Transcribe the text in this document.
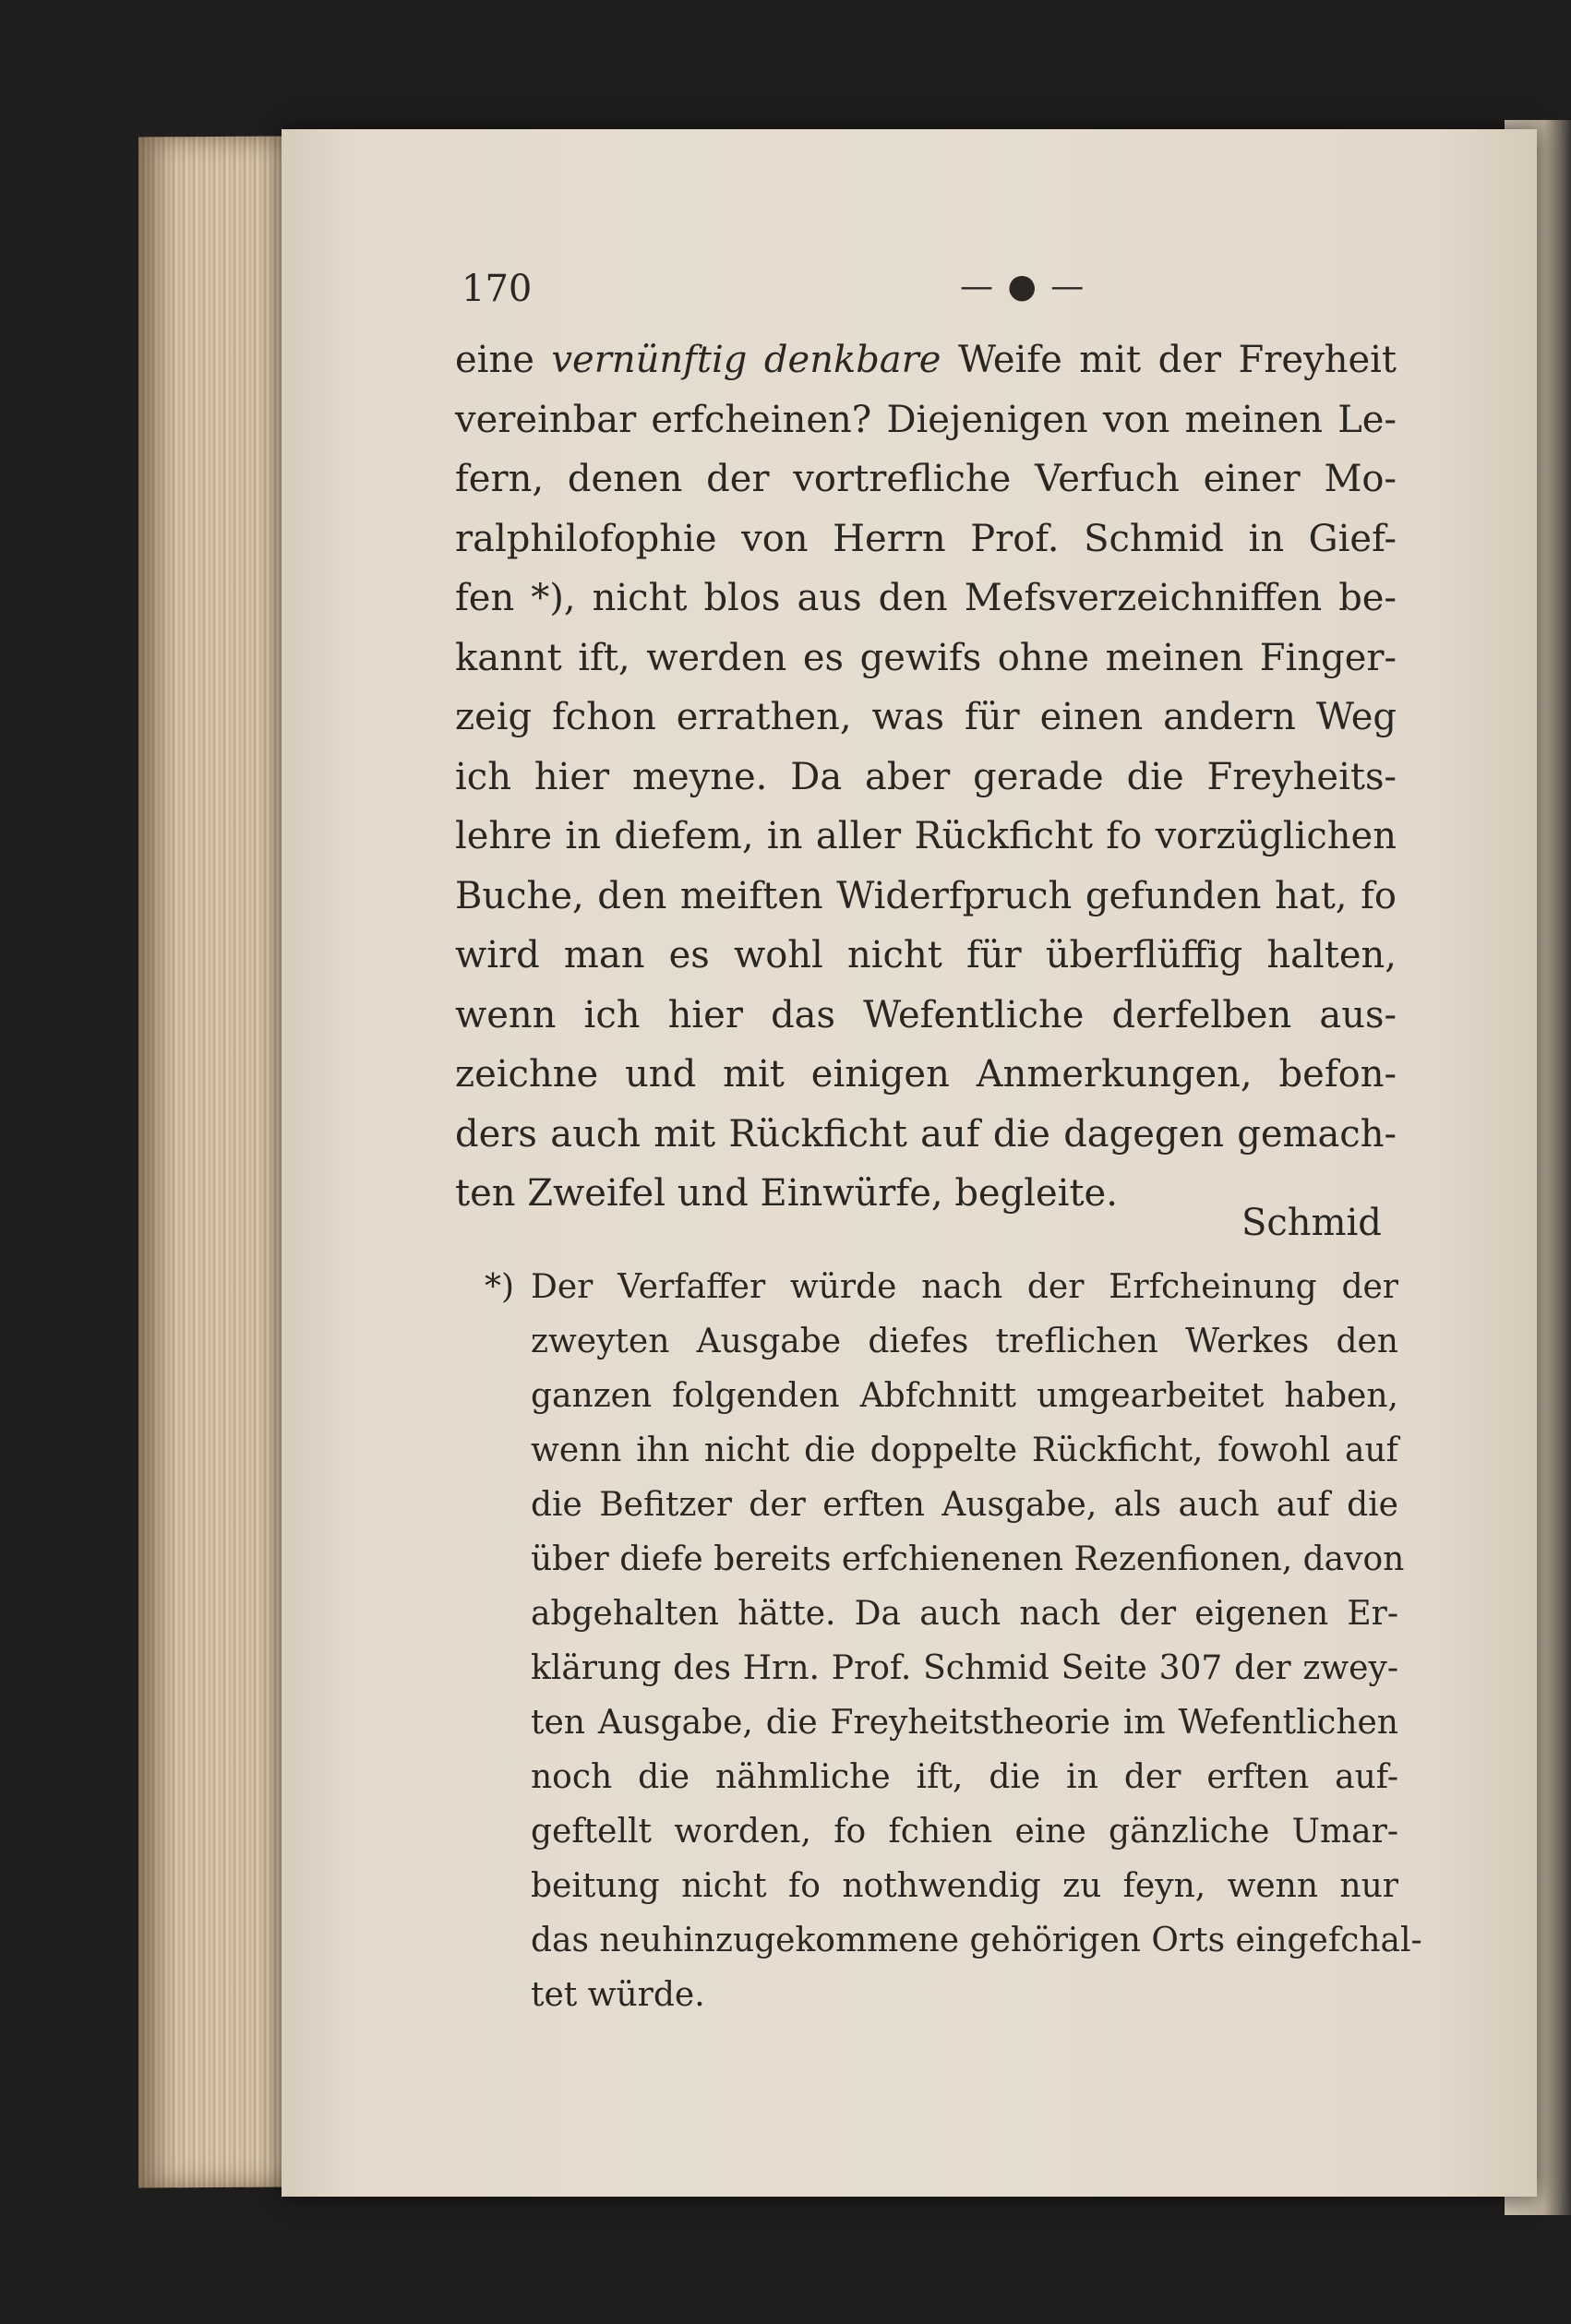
170	— ● —
eine vernünftig denkbare Weife mit der Freyheit
vereinbar erfcheinen? Diejenigen von meinen Le-
fern, denen der vortrefliche Verfuch einer Mo-
ralphilofophie von Herrn Prof. Schmid in Gief-
fen *), nicht blos aus den Mefsverzeichniffen be-
kannt ift, werden es gewifs ohne meinen Finger-
zeig fchon errathen, was für einen andern Weg
ich hier meyne. Da aber gerade die Freyheits-
lehre in diefem, in aller Rückficht fo vorzüglichen
Buche, den meiften Widerfpruch gefunden hat, fo
wird man es wohl nicht für überflüffig halten,
wenn ich hier das Wefentliche derfelben aus-
zeichne und mit einigen Anmerkungen, befon-
ders auch mit Rückficht auf die dagegen gemach-
ten Zweifel und Einwürfe, begleite.
Schmid
*) Der Verfaffer würde nach der Erfcheinung der
zweyten Ausgabe diefes treflichen Werkes den
ganzen folgenden Abfchnitt umgearbeitet haben,
wenn ihn nicht die doppelte Rückficht, fowohl auf
die Befitzer der erften Ausgabe, als auch auf die
über diefe bereits erfchienenen Rezenfionen, davon
abgehalten hätte. Da auch nach der eigenen Er-
klärung des Hrn. Prof. Schmid Seite 307 der zwey-
ten Ausgabe, die Freyheitstheorie im Wefentlichen
noch die nähmliche ift, die in der erften auf-
geftellt worden, fo fchien eine gänzliche Umar-
beitung nicht fo nothwendig zu feyn, wenn nur
das neuhinzugekommene gehörigen Orts eingefchal-
tet würde.
